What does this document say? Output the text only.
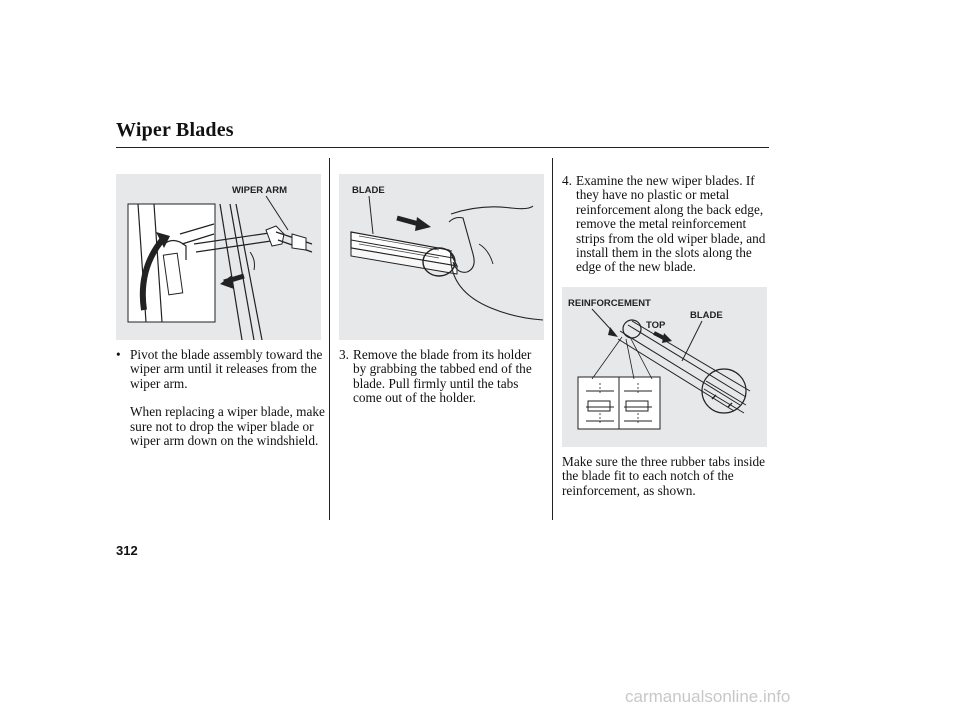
Wiper Blades
WIPER ARM	BLADE
REINFORCEMENT
TOP
BLADE

• Pivot the blade assembly toward the wiper arm until it releases from the wiper arm.

When replacing a wiper blade, make sure not to drop the wiper blade or wiper arm down on the windshield.

3. Remove the blade from its holder by grabbing the tabbed end of the blade. Pull firmly until the tabs come out of the holder.

4. Examine the new wiper blades. If they have no plastic or metal reinforcement along the back edge, remove the metal reinforcement strips from the old wiper blade, and install them in the slots along the edge of the new blade.

Make sure the three rubber tabs inside the blade fit to each notch of the reinforcement, as shown.

312
carmanualsonline.info
